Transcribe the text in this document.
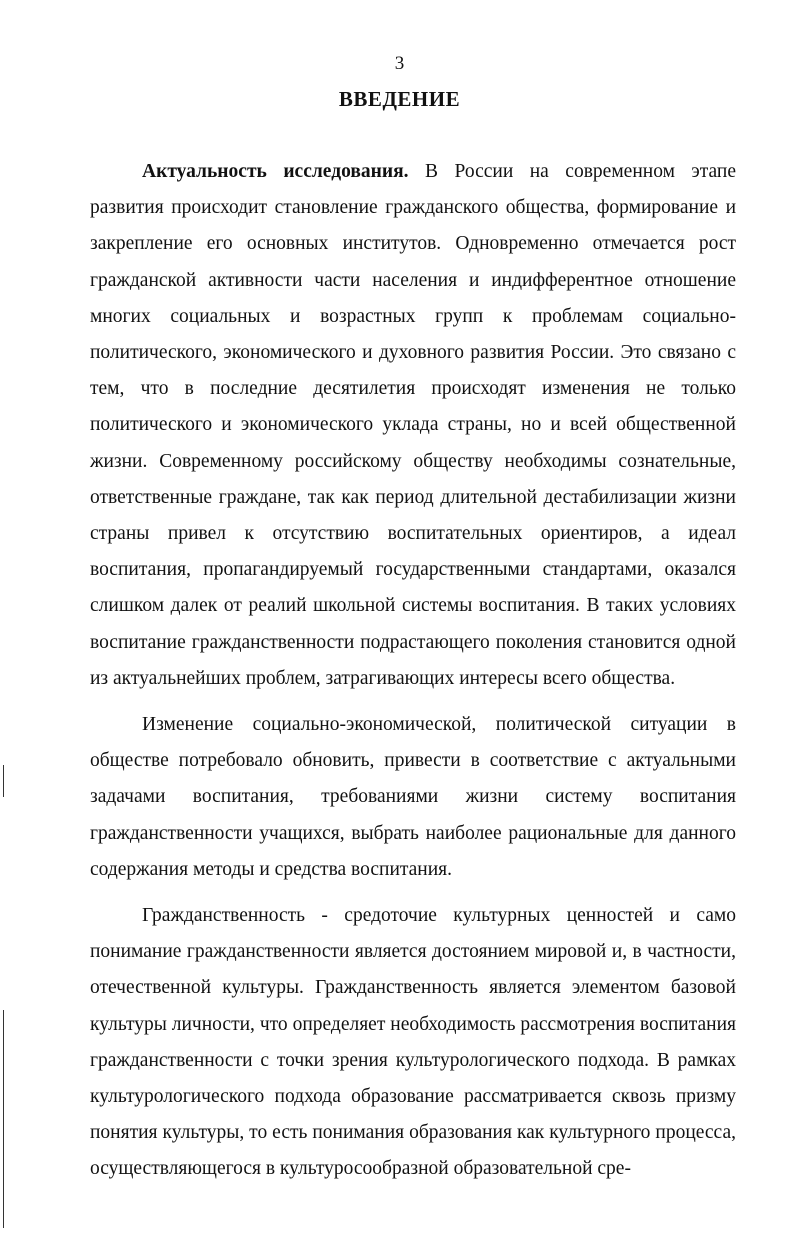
3
ВВЕДЕНИЕ

Актуальность исследования. В России на современном этапе развития происходит становление гражданского общества, формирование и закрепление его основных институтов. Одновременно отмечается рост гражданской активности части населения и индифферентное отношение многих социальных и возрастных групп к проблемам социально-политического, экономического и духовного развития России. Это связано с тем, что в последние десятилетия происходят изменения не только политического и экономического уклада страны, но и всей общественной жизни. Современному российскому обществу необходимы сознательные, ответственные граждане, так как период длительной дестабилизации жизни страны привел к отсутствию воспитательных ориентиров, а идеал воспитания, пропагандируемый государственными стандартами, оказался слишком далек от реалий школьной системы воспитания. В таких условиях воспитание гражданственности подрастающего поколения становится одной из актуальнейших проблем, затрагивающих интересы всего общества.

Изменение социально-экономической, политической ситуации в обществе потребовало обновить, привести в соответствие с актуальными задачами воспитания, требованиями жизни систему воспитания гражданственности учащихся, выбрать наиболее рациональные для данного содержания методы и средства воспитания.

Гражданственность - средоточие культурных ценностей и само понимание гражданственности является достоянием мировой и, в частности, отечественной культуры. Гражданственность является элементом базовой культуры личности, что определяет необходимость рассмотрения воспитания гражданственности с точки зрения культурологического подхода. В рамках культурологического подхода образование рассматривается сквозь призму понятия культуры, то есть понимания образования как культурного процесса, осуществляющегося в культуросообразной образовательной сре-
